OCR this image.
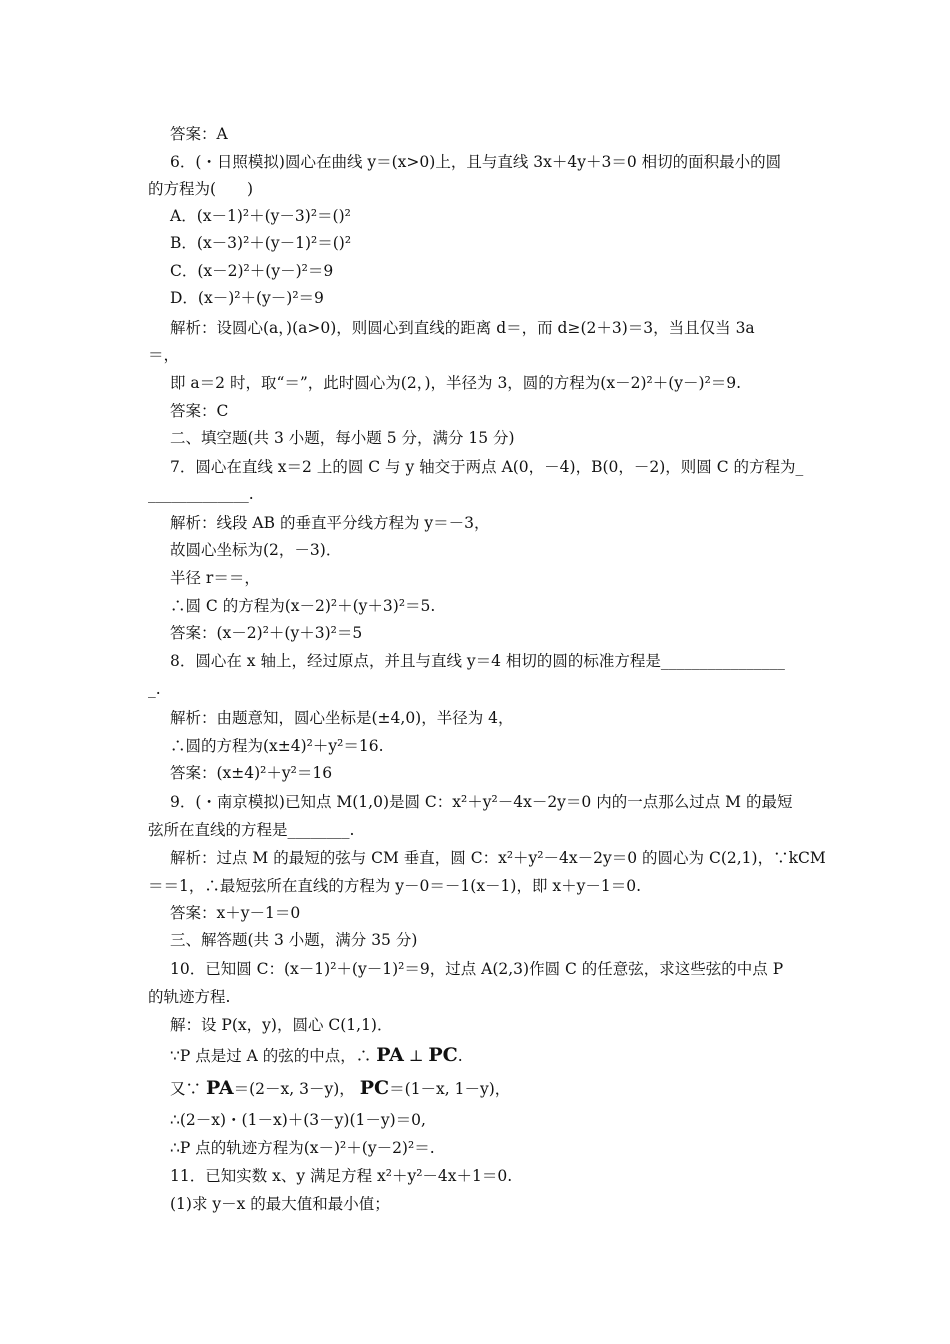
答案：A
6．(・日照模拟)圆心在曲线 y＝(x>0)上，且与直线 3x＋4y＋3＝0 相切的面积最小的圆
的方程为(　　)
A．(x－1)²＋(y－3)²＝()²
B．(x－3)²＋(y－1)²＝()²
C．(x－2)²＋(y－)²＝9
D．(x－)²＋(y－)²＝9
解析：设圆心(a，)(a>0)，则圆心到直线的距离 d＝，而 d≥(2＋3)＝3，当且仅当 3a
＝，
即 a＝2 时，取“＝”，此时圆心为(2，)，半径为 3，圆的方程为(x－2)²＋(y－)²＝9.
答案：C
二、填空题(共 3 小题，每小题 5 分，满分 15 分)
7．圆心在直线 x＝2 上的圆 C 与 y 轴交于两点 A(0，－4)，B(0，－2)，则圆 C 的方程为_
_____________.
解析：线段 AB 的垂直平分线方程为 y＝－3，
故圆心坐标为(2，－3)．
半径 r＝＝，
∴圆 C 的方程为(x－2)²＋(y＋3)²＝5.
答案：(x－2)²＋(y＋3)²＝5
8．圆心在 x 轴上，经过原点，并且与直线 y＝4 相切的圆的标准方程是________________
_.
解析：由题意知，圆心坐标是(±4,0)，半径为 4，
∴圆的方程为(x±4)²＋y²＝16.
答案：(x±4)²＋y²＝16
9．(・南京模拟)已知点 M(1,0)是圆 C：x²＋y²－4x－2y＝0 内的一点那么过点 M 的最短
弦所在直线的方程是________.
解析：过点 M 的最短的弦与 CM 垂直，圆 C：x²＋y²－4x－2y＝0 的圆心为 C(2,1)，∵kCM
＝＝1，∴最短弦所在直线的方程为 y－0＝－1(x－1)，即 x＋y－1＝0.
答案：x＋y－1＝0
三、解答题(共 3 小题，满分 35 分)
10．已知圆 C：(x－1)²＋(y－1)²＝9，过点 A(2,3)作圆 C 的任意弦，求这些弦的中点 P
的轨迹方程.
解：设 P(x，y)，圆心 C(1,1)．
∵P 点是过 A 的弦的中点，∴ PA ⊥ PC.
又∵ PA＝(2－x, 3－y)， PC＝(1－x, 1－y)，
∴(2－x)・(1－x)＋(3－y)(1－y)＝0,
∴P 点的轨迹方程为(x－)²＋(y－2)²＝.
11．已知实数 x、y 满足方程 x²＋y²－4x＋1＝0.
(1)求 y－x 的最大值和最小值；
